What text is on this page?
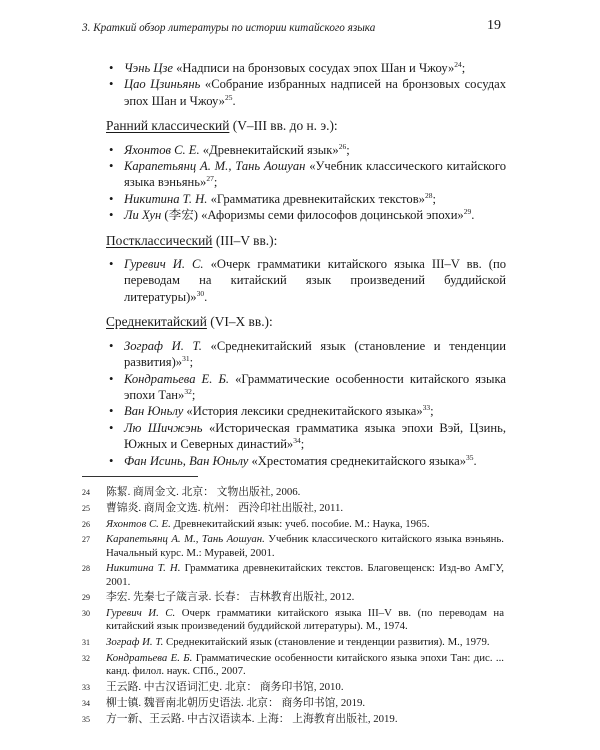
3. Краткий обзор литературы по истории китайского языка	19
• Чэнь Цзе «Надписи на бронзовых сосудах эпох Шан и Чжоу»$^{24}$;
• Цао Цзиньянь «Собрание избранных надписей на бронзовых сосудах эпох Шан и Чжоу»$^{25}$.
Ранний классический (V–III вв. до н. э.):
• Яхонтов С. Е. «Древнекитайский язык»$^{26}$;
• Карапетьянц А. М., Тань Аошуан «Учебник классического китайского языка вэньянь»$^{27}$;
• Никитина Т. Н. «Грамматика древнекитайских текстов»$^{28}$;
• Ли Хун (李宏) «Афоризмы семи философов доцинськой эпохи»$^{29}$.
Постклассический (III–V вв.):
• Гуревич И. С. «Очерк грамматики китайского языка III–V вв. (по переводам на китайский язык произведений буддийской литературы)»$^{30}$.
Среднекитайский (VI–X вв.):
• Зограф И. Т. «Среднекитайский язык (становление и тенденции развития)»$^{31}$;
• Кондратьева Е. Б. «Грамматические особенности китайского языка эпохи Тан»$^{32}$;
• Ван Юньлу «История лексики среднекитайского языка»$^{33}$;
• Лю Шичжэнь «Историческая грамматика языка эпохи Вэй, Цзинь, Южных и Северных династий»$^{34}$;
• Фан Исинь, Ван Юньлу «Хрестоматия среднекитайского языка»$^{35}$.
24	陈絜. 商周金文. 北京： 文物出版社, 2006.
25	曹锦炎. 商周金文选. 杭州： 西泠印社出版社, 2011.
26	Яхонтов С. Е. Древнекитайский язык: учеб. пособие. М.: Наука, 1965.
27	Карапетьянц А. М., Тань Аошуан. Учебник классического китайского языка вэньянь. Начальный курс. М.: Муравей, 2001.
28	Никитина Т. Н. Грамматика древнекитайских текстов. Благовещенск: Изд-во АмГУ, 2001.
29	李宏. 先秦七子箴言录. 长春： 吉林教育出版社, 2012.
30	Гуревич И. С. Очерк грамматики китайского языка III–V вв. (по переводам на китайский язык произведений буддийской литературы). М., 1974.
31	Зограф И. Т. Среднекитайский язык (становление и тенденции развития). М., 1979.
32	Кондратьева Е. Б. Грамматические особенности китайского языка эпохи Тан: дис. ... канд. филол. наук. СПб., 2007.
33	王云路. 中古汉语词汇史. 北京： 商务印书馆, 2010.
34	柳士镇. 魏晋南北朝历史语法. 北京： 商务印书馆, 2019.
35	方一新、王云路. 中古汉语读本. 上海： 上海教育出版社, 2019.
